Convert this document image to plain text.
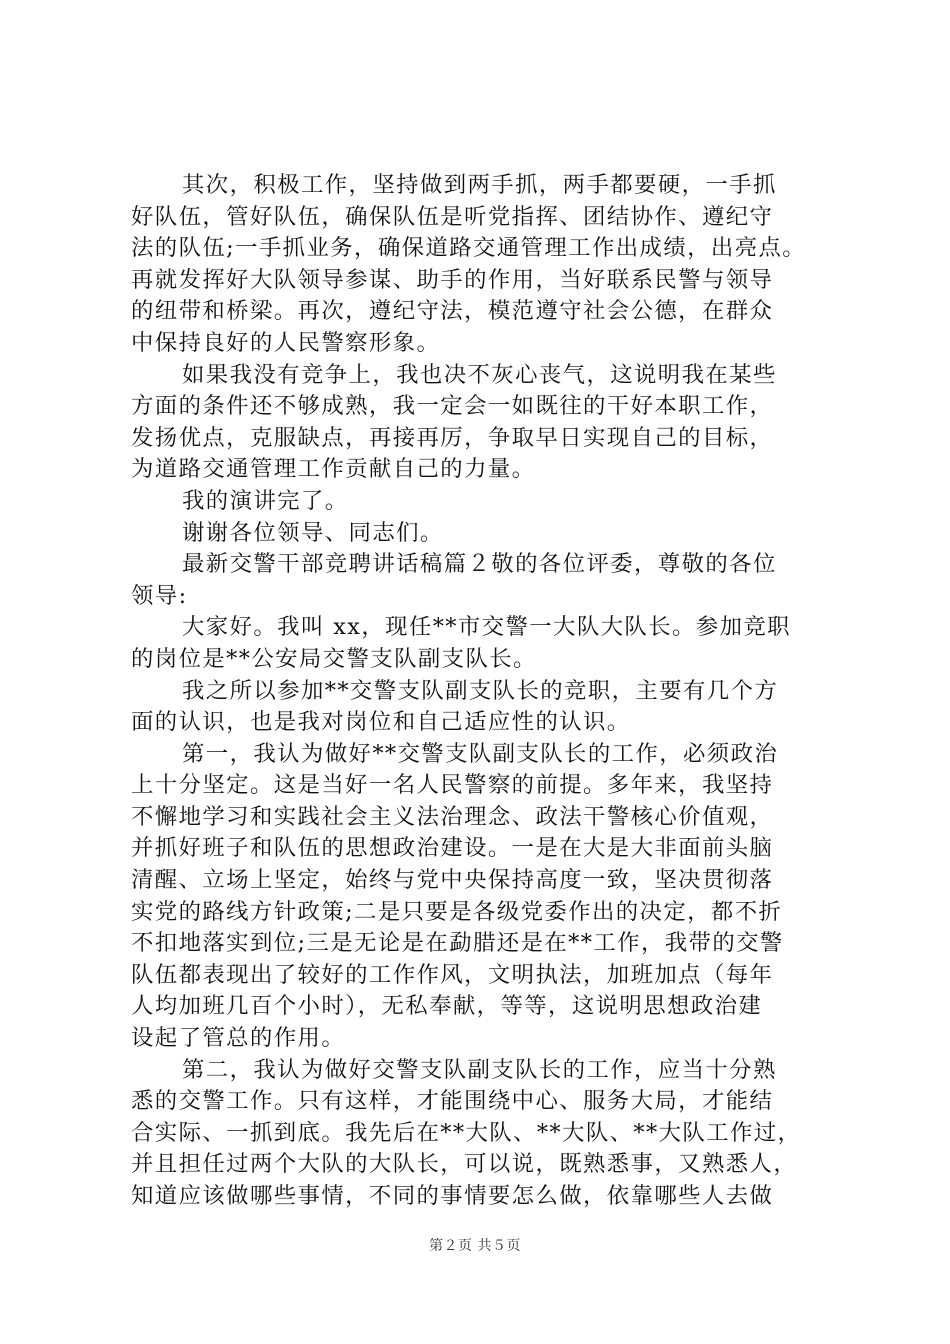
其次，积极工作，坚持做到两手抓，两手都要硬，一手抓
好队伍，管好队伍，确保队伍是听党指挥、团结协作、遵纪守
法的队伍;一手抓业务，确保道路交通管理工作出成绩，出亮点。
再就发挥好大队领导参谋、助手的作用，当好联系民警与领导
的纽带和桥梁。再次，遵纪守法，模范遵守社会公德，在群众
中保持良好的人民警察形象。
如果我没有竞争上，我也决不灰心丧气，这说明我在某些
方面的条件还不够成熟，我一定会一如既往的干好本职工作，
发扬优点，克服缺点，再接再厉，争取早日实现自己的目标，
为道路交通管理工作贡献自己的力量。
我的演讲完了。
谢谢各位领导、同志们。
最新交警干部竞聘讲话稿篇２敬的各位评委，尊敬的各位
领导:
大家好。我叫 xx，现任**市交警一大队大队长。参加竞职
的岗位是**公安局交警支队副支队长。
我之所以参加**交警支队副支队长的竞职，主要有几个方
面的认识，也是我对岗位和自己适应性的认识。
第一，我认为做好**交警支队副支队长的工作，必须政治
上十分坚定。这是当好一名人民警察的前提。多年来，我坚持
不懈地学习和实践社会主义法治理念、政法干警核心价值观，
并抓好班子和队伍的思想政治建设。一是在大是大非面前头脑
清醒、立场上坚定，始终与党中央保持高度一致，坚决贯彻落
实党的路线方针政策;二是只要是各级党委作出的决定，都不折
不扣地落实到位;三是无论是在勐腊还是在**工作，我带的交警
队伍都表现出了较好的工作作风，文明执法，加班加点（每年
人均加班几百个小时），无私奉献，等等，这说明思想政治建
设起了管总的作用。
第二，我认为做好交警支队副支队长的工作，应当十分熟
悉的交警工作。只有这样，才能围绕中心、服务大局，才能结
合实际、一抓到底。我先后在**大队、**大队、**大队工作过，
并且担任过两个大队的大队长，可以说，既熟悉事，又熟悉人，
知道应该做哪些事情，不同的事情要怎么做，依靠哪些人去做
第２页 共５页
